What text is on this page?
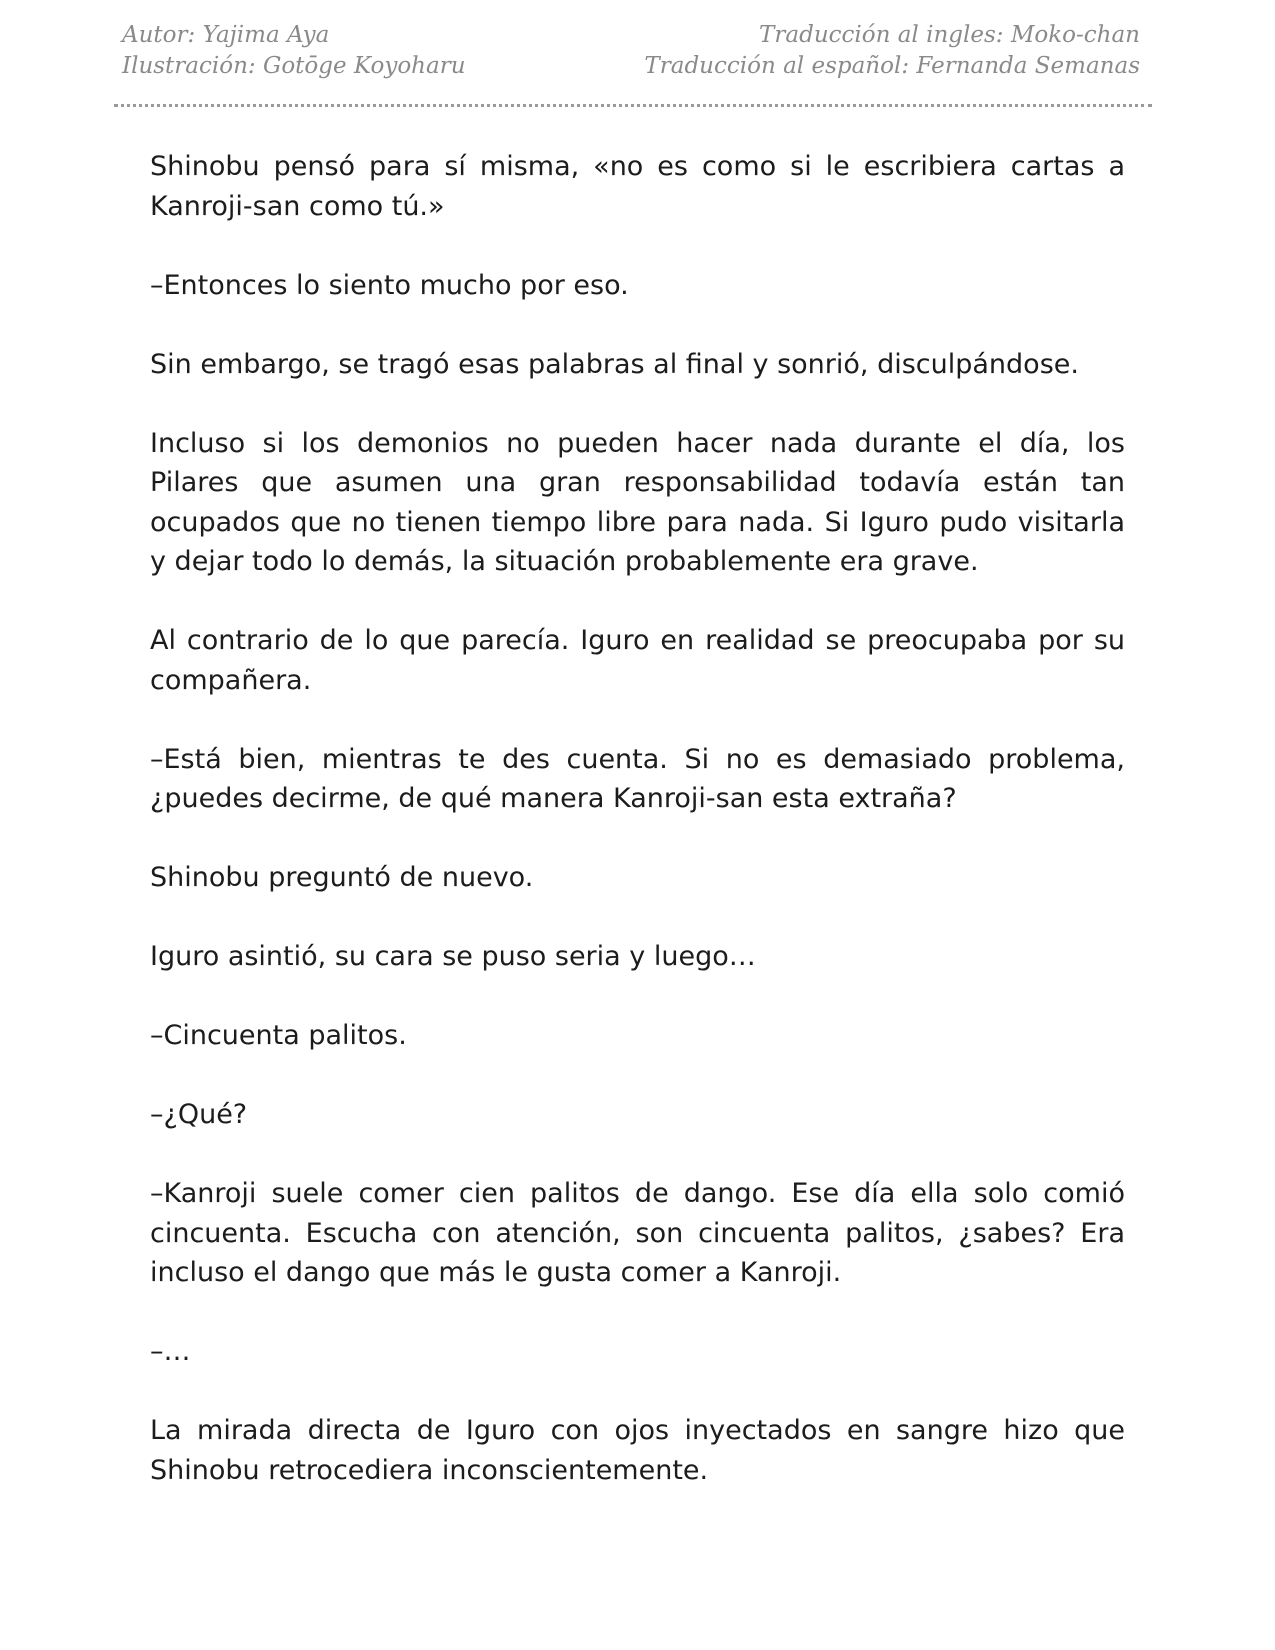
Autor: Yajima Aya
Ilustración: Gotōge Koyoharu
Traducción al ingles: Moko-chan
Traducción al español: Fernanda Semanas

Shinobu pensó para sí misma, «no es como si le escribiera cartas a Kanroji-san como tú.»

–Entonces lo siento mucho por eso.

Sin embargo, se tragó esas palabras al final y sonrió, disculpándose.

Incluso si los demonios no pueden hacer nada durante el día, los Pilares que asumen una gran responsabilidad todavía están tan ocupados que no tienen tiempo libre para nada. Si Iguro pudo visitarla y dejar todo lo demás, la situación probablemente era grave.

Al contrario de lo que parecía. Iguro en realidad se preocupaba por su compañera.

–Está bien, mientras te des cuenta. Si no es demasiado problema, ¿puedes decirme, de qué manera Kanroji-san esta extraña?

Shinobu preguntó de nuevo.

Iguro asintió, su cara se puso seria y luego…

–Cincuenta palitos.

–¿Qué?

–Kanroji suele comer cien palitos de dango. Ese día ella solo comió cincuenta. Escucha con atención, son cincuenta palitos, ¿sabes? Era incluso el dango que más le gusta comer a Kanroji.

–…

La mirada directa de Iguro con ojos inyectados en sangre hizo que Shinobu retrocediera inconscientemente.
